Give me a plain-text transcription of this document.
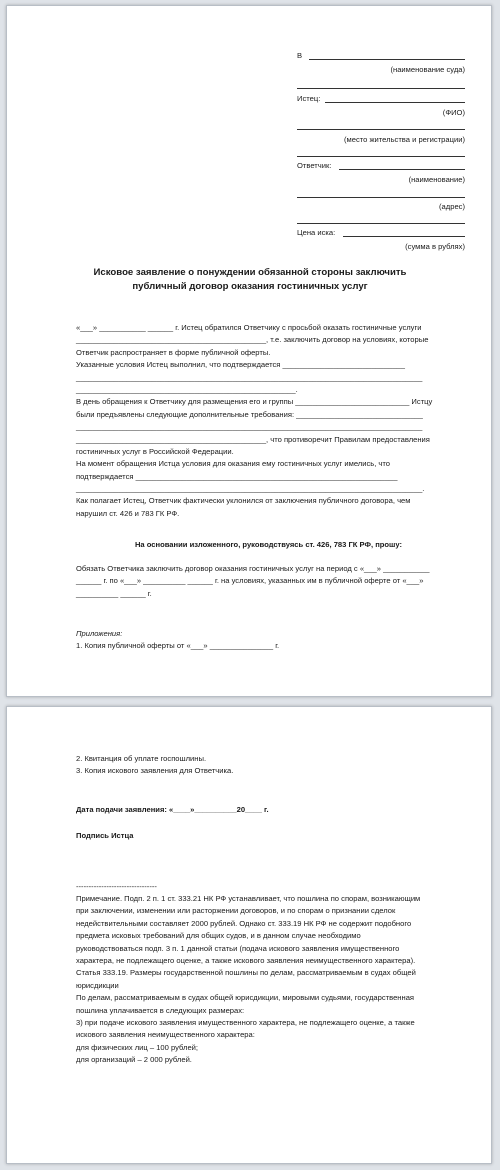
В
(наименование суда)
Истец:
(ФИО)
(место жительства и регистрации)
Ответчик:
(наименование)
(адрес)
Цена иска:
(сумма в рублях)
Исковое заявление о понуждении обязанной стороны заключить
публичный договор оказания гостиничных услуг
«___» ___________ ______ г. Истец обратился Ответчику с просьбой оказать гостиничные услуги
_____________________________________________, т.е. заключить договор на условиях, которые
Ответчик распространяет в форме публичной оферты.
Указанные условия Истец выполнил, что подтверждается _____________________________
__________________________________________________________________________________
____________________________________________________.
В день обращения к Ответчику для размещения его и группы ___________________________ Истцу
были предъявлены следующие дополнительные требования: ______________________________
__________________________________________________________________________________
_____________________________________________, что противоречит Правилам предоставления
гостиничных услуг в Российской Федерации.
На момент обращения Истца условия для оказания ему гостиничных услуг имелись, что
подтверждается ______________________________________________________________
__________________________________________________________________________________.
Как полагает Истец, Ответчик фактически уклонился от заключения публичного договора, чем
нарушил ст. 426 и 783 ГК РФ.
На основании изложенного, руководствуясь ст. 426, 783 ГК РФ, прошу:
Обязать Ответчика заключить договор оказания гостиничных услуг на период с «___» ___________
______ г. по «___» __________ ______ г. на условиях, указанных им в публичной оферте от «___»
__________ ______ г.
Приложения:
1. Копия публичной оферты от «___» _______________ г.
2. Квитанция об уплате госпошлины.
3. Копия искового заявления для Ответчика.
Дата подачи заявления: «____»__________20____ г.
Подпись Истца
--------------------------------
Примечание. Подп. 2 п. 1 ст. 333.21 НК РФ устанавливает, что пошлина по спорам, возникающим
при заключении, изменении или расторжении договоров, и по спорам о признании сделок
недействительными составляет 2000 рублей. Однако ст. 333.19 НК РФ не содержит подобного
предмета исковых требований для общих судов, и в данном случае необходимо
руководствоваться подп. 3 п. 1 данной статьи (подача искового заявления имущественного
характера, не подлежащего оценке, а также искового заявления неимущественного характера).
Статья 333.19. Размеры государственной пошлины по делам, рассматриваемым в судах общей
юрисдикции
По делам, рассматриваемым в судах общей юрисдикции, мировыми судьями, государственная
пошлина уплачивается в следующих размерах:
3) при подаче искового заявления имущественного характера, не подлежащего оценке, а также
искового заявления неимущественного характера:
для физических лиц – 100 рублей;
для организаций – 2 000 рублей.
